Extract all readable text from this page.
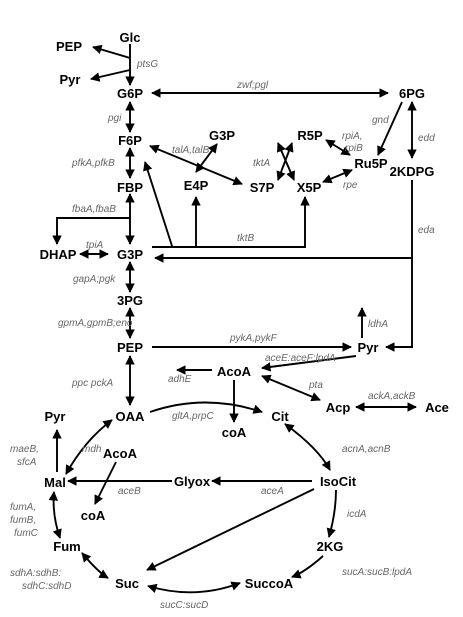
Glc
PEP
Pyr
G6P	6PG
F6P	G3P	R5P
Ru5P
S7P X5P
E4P
FBP
2KDPG
DHAP	G3P
3PG
PEP	Pyr
AcoA
Acp	Ace
OAA	Cit
coA
Pyr
AcoA
Mal	Glyox	IsoCit
coA
Fum	2KG
Suc	SuccoA
ptsG
zwf;pgl
pgi	gnd
edd
talA,talB
rpiA,
rpiB
tktA
rpe
pfkA,pfkB
fbaA,fbaB
tktB
tpiA
eda
gapA;pgk
gpmA,gpmB;eno
pykA,pykF
ldhA
aceE:aceF:lpdA
adhE
ppc pckA	pta
ackA,ackB
gltA,prpC
acnA,acnB
mdh
maeB,
sfcA
aceB	aceA
fumA,
fumB,
fumC
icdA
sdhA:sdhB:
sdhC:sdhD
sucA:sucB:lpdA
sucC:sucD
